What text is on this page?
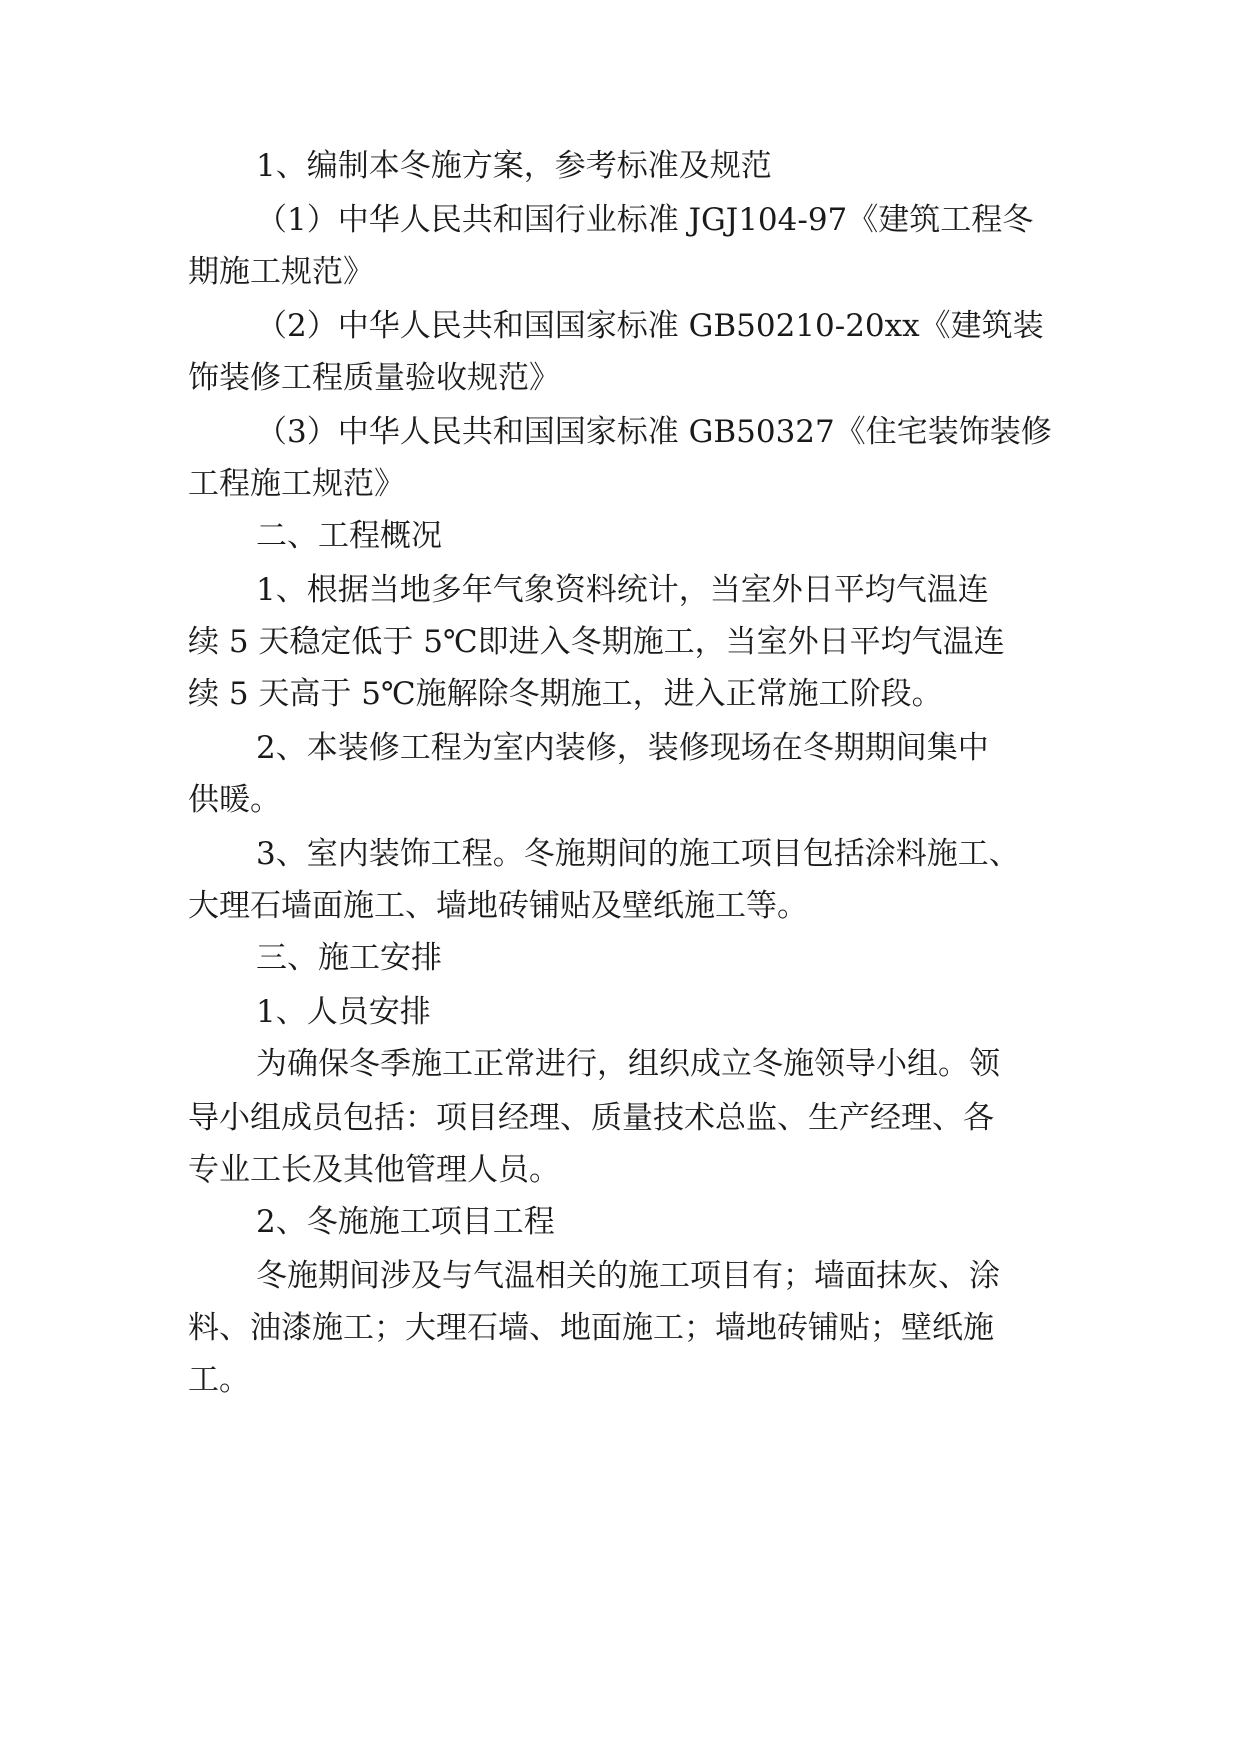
1、编制本冬施方案，参考标准及规范

（1）中华人民共和国行业标准 JGJ104-97《建筑工程冬

期施工规范》

（2）中华人民共和国国家标准 GB50210-20xx《建筑装

饰装修工程质量验收规范》

（3）中华人民共和国国家标准 GB50327《住宅装饰装修

工程施工规范》

二、工程概况

1、根据当地多年气象资料统计，当室外日平均气温连

续 5 天稳定低于 5℃即进入冬期施工，当室外日平均气温连

续 5 天高于 5℃施解除冬期施工，进入正常施工阶段。

2、本装修工程为室内装修，装修现场在冬期期间集中

供暖。

3、室内装饰工程。冬施期间的施工项目包括涂料施工、

大理石墙面施工、墙地砖铺贴及壁纸施工等。

三、施工安排

1、人员安排

为确保冬季施工正常进行，组织成立冬施领导小组。领

导小组成员包括：项目经理、质量技术总监、生产经理、各

专业工长及其他管理人员。

2、冬施施工项目工程

冬施期间涉及与气温相关的施工项目有；墙面抹灰、涂

料、油漆施工；大理石墙、地面施工；墙地砖铺贴；壁纸施

工。
